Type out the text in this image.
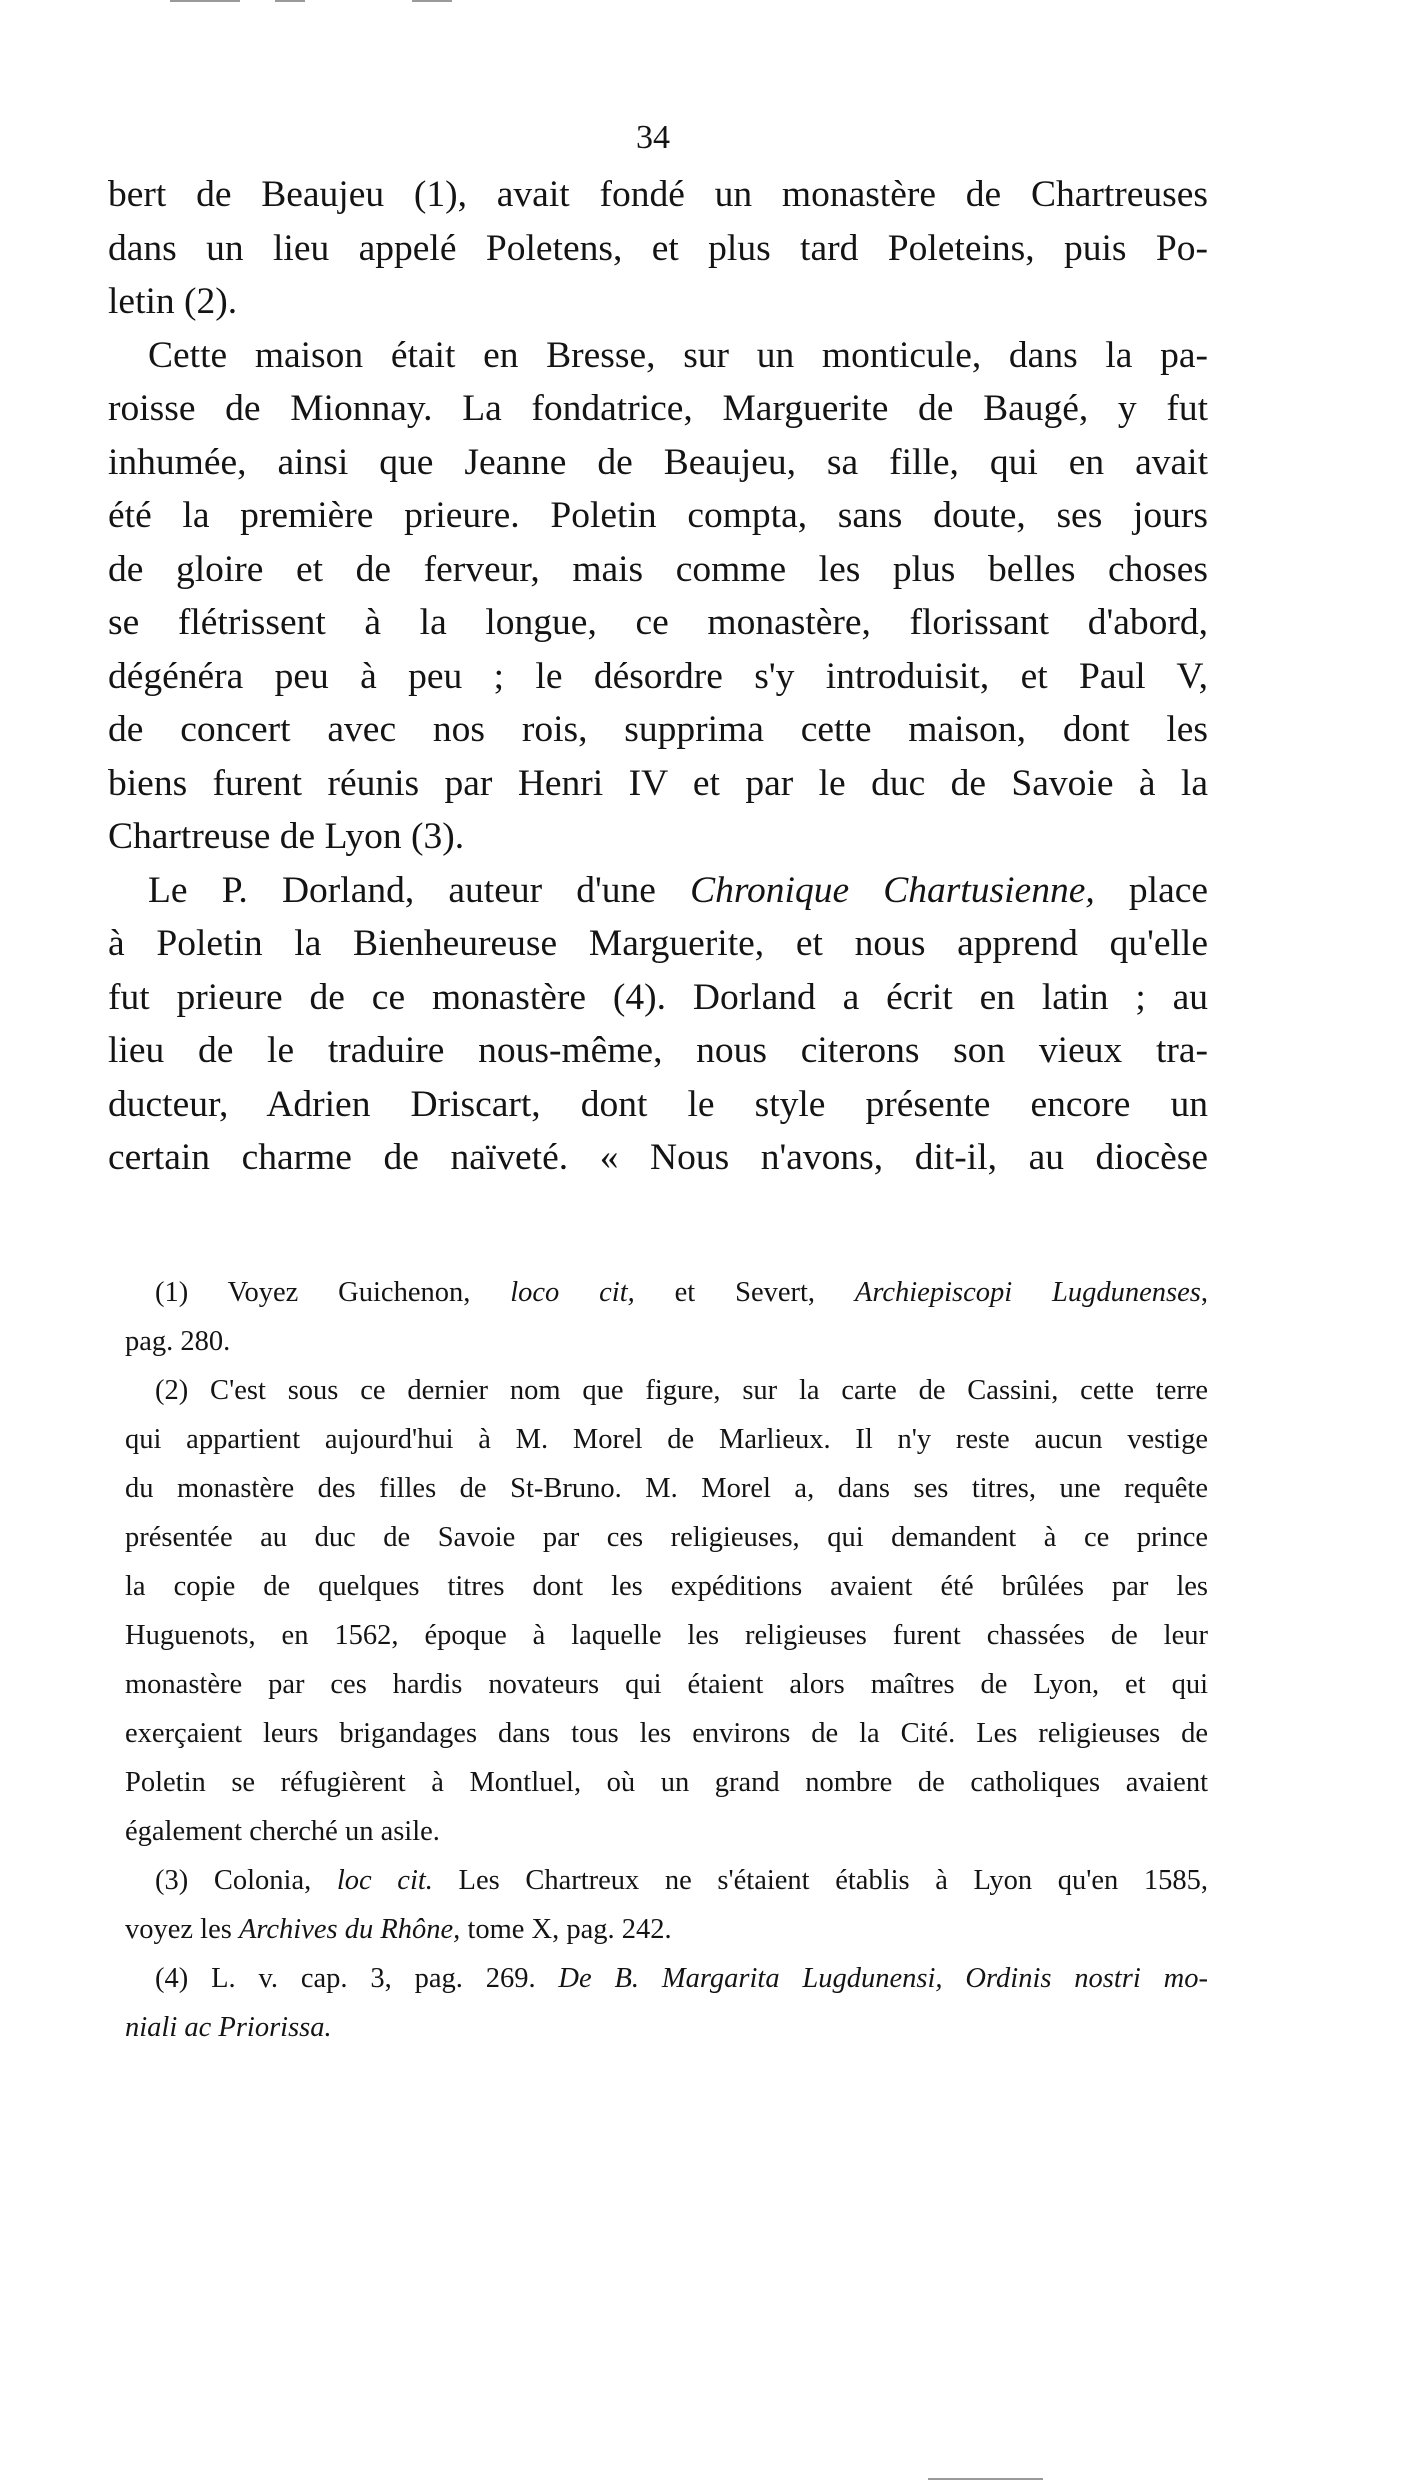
34
bert de Beaujeu (1), avait fondé un monastère de Chartreuses
dans un lieu appelé Poletens, et plus tard Poleteins, puis Po-
letin (2).
Cette maison était en Bresse, sur un monticule, dans la pa-
roisse de Mionnay. La fondatrice, Marguerite de Baugé, y fut
inhumée, ainsi que Jeanne de Beaujeu, sa fille, qui en avait
été la première prieure. Poletin compta, sans doute, ses jours
de gloire et de ferveur, mais comme les plus belles choses
se flétrissent à la longue, ce monastère, florissant d'abord,
dégénéra peu à peu ; le désordre s'y introduisit, et Paul V,
de concert avec nos rois, supprima cette maison, dont les
biens furent réunis par Henri IV et par le duc de Savoie à la
Chartreuse de Lyon (3).
Le P. Dorland, auteur d'une Chronique Chartusienne, place
à Poletin la Bienheureuse Marguerite, et nous apprend qu'elle
fut prieure de ce monastère (4). Dorland a écrit en latin ; au
lieu de le traduire nous-même, nous citerons son vieux tra-
ducteur, Adrien Driscart, dont le style présente encore un
certain charme de naïveté. « Nous n'avons, dit-il, au diocèse
(1) Voyez Guichenon, loco cit, et Severt, Archiepiscopi Lugdunenses,
pag. 280.
(2) C'est sous ce dernier nom que figure, sur la carte de Cassini, cette terre
qui appartient aujourd'hui à M. Morel de Marlieux. Il n'y reste aucun vestige
du monastère des filles de St-Bruno. M. Morel a, dans ses titres, une requête
présentée au duc de Savoie par ces religieuses, qui demandent à ce prince
la copie de quelques titres dont les expéditions avaient été brûlées par les
Huguenots, en 1562, époque à laquelle les religieuses furent chassées de leur
monastère par ces hardis novateurs qui étaient alors maîtres de Lyon, et qui
exerçaient leurs brigandages dans tous les environs de la Cité. Les religieuses de
Poletin se réfugièrent à Montluel, où un grand nombre de catholiques avaient
également cherché un asile.
(3) Colonia, loc cit. Les Chartreux ne s'étaient établis à Lyon qu'en 1585,
voyez les Archives du Rhône, tome X, pag. 242.
(4) L. v. cap. 3, pag. 269. De B. Margarita Lugdunensi, Ordinis nostri mo-
niali ac Priorissa.
